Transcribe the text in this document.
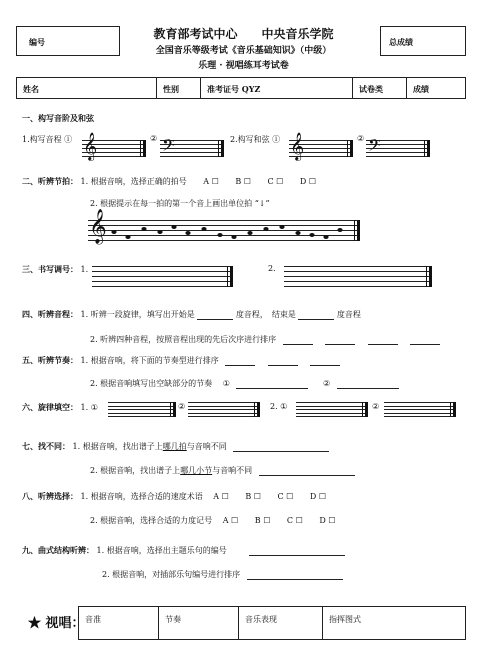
编号	总成绩
教育部考试中心　　中央音乐学院
全国音乐等级考试《音乐基础知识》（中级）
乐理 · 视唱练耳考试卷
姓名	性别	准考证号 QYZ	试卷类	成绩
一、构写音阶及和弦
1.构写音程 ①	②	2.构写和弦 ①	②
𝄞	𝄢	𝄞	𝄢
二、听辨节拍： 1. 根据音响，选择正确的拍号 A ☐ B ☐ C ☐ D ☐
2. 根据提示在每一拍的第一个音上画出单位拍 “↓”
𝄞
三、书写调号： 1.	2.
四、听辨音程： 1. 听辨一段旋律，填写出开始是	度音程，　结束是	度音程
2. 听辨四种音程，按照音程出现的先后次序进行排序
五、听辨节奏： 1. 根据音响，将下面的节奏型进行排序
2. 根据音响填写出空缺部分的节奏 ①	②
六、旋律填空： 1. ①	②	2. ①	②
七、找不同： 1. 根据音响，找出谱子上哪几拍与音响不同
2. 根据音响，找出谱子上哪几小节与音响不同
八、听辨选择： 1. 根据音响，选择合适的速度术语 A ☐ B ☐ C ☐ D ☐
2. 根据音响，选择合适的力度记号 A ☐ B ☐ C ☐ D ☐
九、曲式结构听辨： 1. 根据音响，选择出主题乐句的编号
2. 根据音响，对插部乐句编号进行排序
★ 视唱： 音准	节奏	音乐表现	指挥图式
